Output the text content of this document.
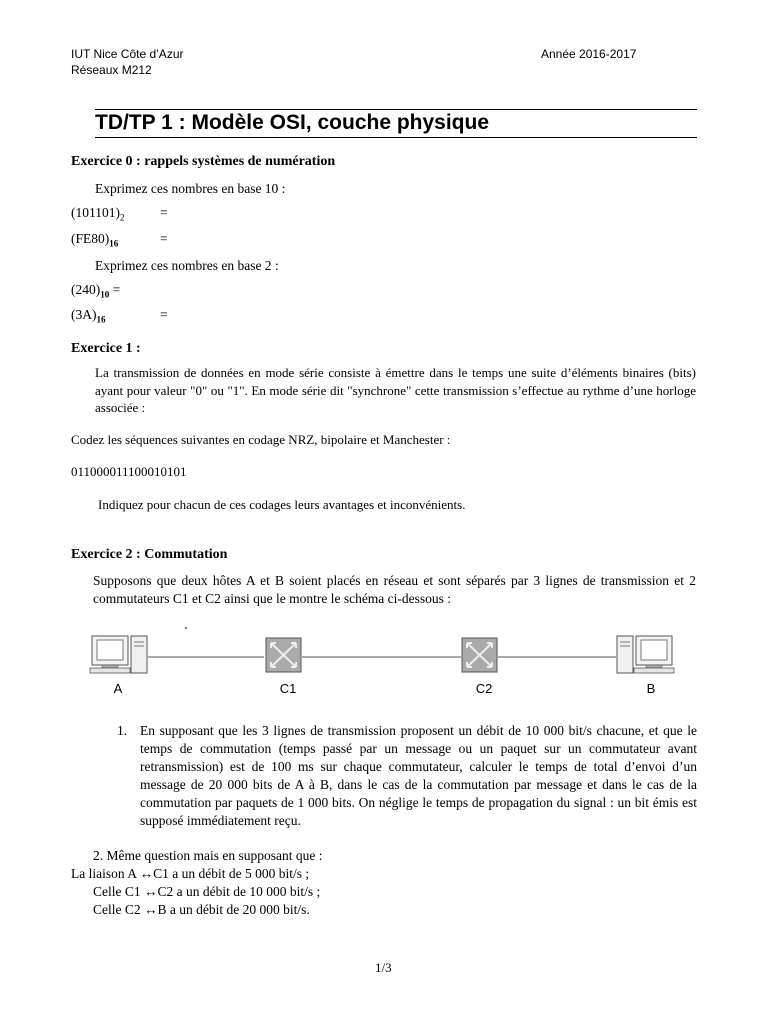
IUT Nice Côte d’Azur
Réseaux M212
Année 2016-2017
TD/TP 1 : Modèle OSI, couche physique
Exercice 0 : rappels systèmes de numération
Exprimez ces nombres en base 10 :
$(101101)_2$	=
$(FE80)_{16}$	=
Exprimez ces nombres en base 2 :
$(240)_{10}$ =
$(3A)_{16}$	=
Exercice 1 :
La transmission de données en mode série consiste à émettre dans le temps une suite d’éléments binaires (bits) ayant pour valeur "0" ou "1". En mode série dit "synchrone" cette transmission s’effectue au rythme d’une horloge associée :
Codez les séquences suivantes en codage NRZ, bipolaire et Manchester :
011000011100010101
Indiquez pour chacun de ces codages leurs avantages et inconvénients.
Exercice 2 : Commutation
Supposons que deux hôtes A et B soient placés en réseau et sont séparés par 3 lignes de transmission et 2 commutateurs C1 et C2 ainsi que le montre le schéma ci-dessous :
A	C1	C2	B
1. En supposant que les 3 lignes de transmission proposent un débit de 10 000 bit/s chacune, et que le temps de commutation (temps passé par un message ou un paquet sur un commutateur avant retransmission) est de 100 ms sur chaque commutateur, calculer le temps de total d’envoi d’un message de 20 000 bits de A à B, dans le cas de la commutation par message et dans le cas de la commutation par paquets de 1 000 bits. On néglige le temps de propagation du signal : un bit émis est supposé immédiatement reçu.
2. Même question mais en supposant que :
La liaison A ↔C1 a un débit de 5 000 bit/s ;
Celle C1 ↔C2 a un débit de 10 000 bit/s ;
Celle C2 ↔B a un débit de 20 000 bit/s.
1/3
